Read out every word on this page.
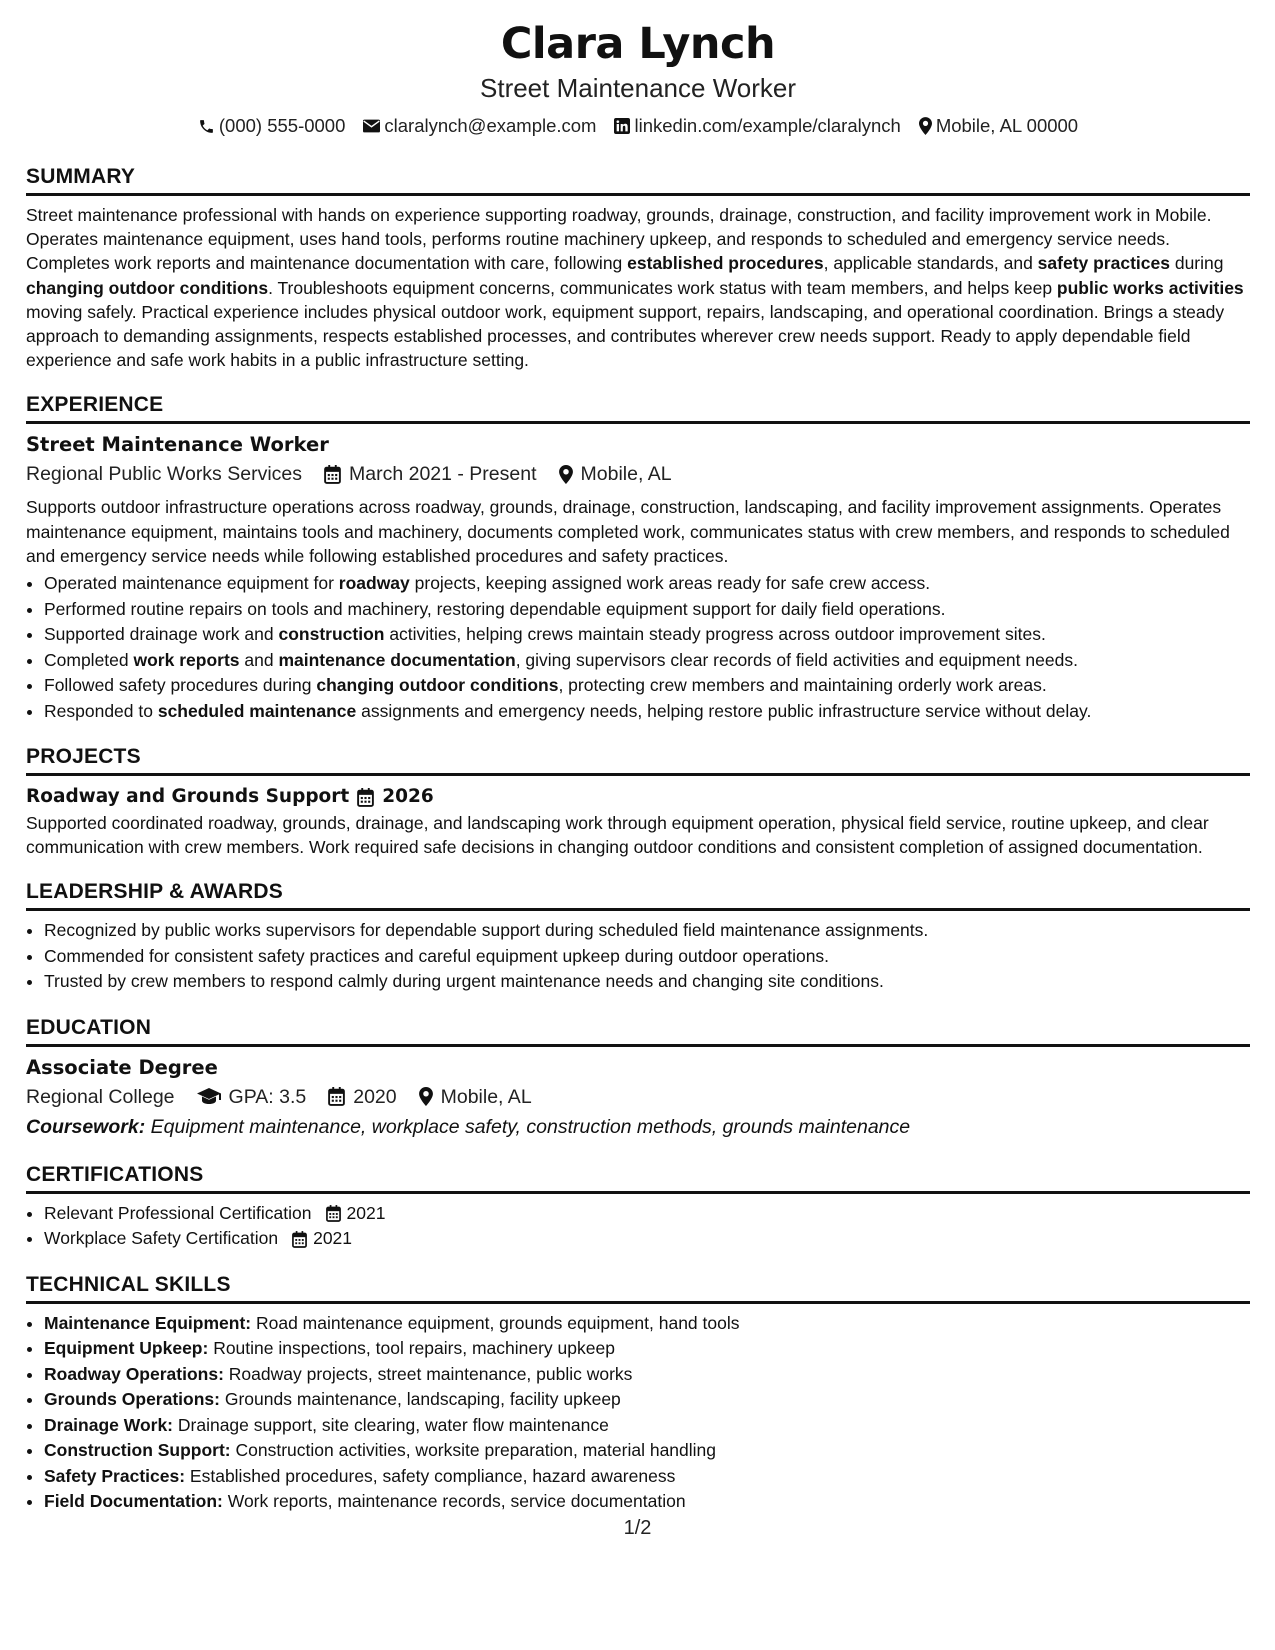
Clara Lynch
Street Maintenance Worker
(000) 555-0000 claralynch@example.com linkedin.com/example/claralynch Mobile, AL 00000
SUMMARY

Street maintenance professional with hands on experience supporting roadway, grounds, drainage, construction, and facility improvement work in Mobile. Operates maintenance equipment, uses hand tools, performs routine machinery upkeep, and responds to scheduled and emergency service needs. Completes work reports and maintenance documentation with care, following established procedures, applicable standards, and safety practices during changing outdoor conditions. Troubleshoots equipment concerns, communicates work status with team members, and helps keep public works activities moving safely. Practical experience includes physical outdoor work, equipment support, repairs, landscaping, and operational coordination. Brings a steady approach to demanding assignments, respects established processes, and contributes wherever crew needs support. Ready to apply dependable field experience and safe work habits in a public infrastructure setting.

EXPERIENCE
Street Maintenance Worker
Regional Public Works Services March 2021 - Present Mobile, AL

Supports outdoor infrastructure operations across roadway, grounds, drainage, construction, landscaping, and facility improvement assignments. Operates maintenance equipment, maintains tools and machinery, documents completed work, communicates status with crew members, and responds to scheduled and emergency service needs while following established procedures and safety practices.

• Operated maintenance equipment for roadway projects, keeping assigned work areas ready for safe crew access.
• Performed routine repairs on tools and machinery, restoring dependable equipment support for daily field operations.
• Supported drainage work and construction activities, helping crews maintain steady progress across outdoor improvement sites.
• Completed work reports and maintenance documentation, giving supervisors clear records of field activities and equipment needs.
• Followed safety procedures during changing outdoor conditions, protecting crew members and maintaining orderly work areas.
• Responded to scheduled maintenance assignments and emergency needs, helping restore public infrastructure service without delay.
PROJECTS
Roadway and Grounds Support 2026

Supported coordinated roadway, grounds, drainage, and landscaping work through equipment operation, physical field service, routine upkeep, and clear communication with crew members. Work required safe decisions in changing outdoor conditions and consistent completion of assigned documentation.

LEADERSHIP & AWARDS
• Recognized by public works supervisors for dependable support during scheduled field maintenance assignments.
• Commended for consistent safety practices and careful equipment upkeep during outdoor operations.
• Trusted by crew members to respond calmly during urgent maintenance needs and changing site conditions.
EDUCATION
Associate Degree
Regional College	GPA: 3.5 2020 Mobile, AL
Coursework: Equipment maintenance, workplace safety, construction methods, grounds maintenance
CERTIFICATIONS
• Relevant Professional Certification 2021
• Workplace Safety Certification 2021
TECHNICAL SKILLS
• Maintenance Equipment: Road maintenance equipment, grounds equipment, hand tools
• Equipment Upkeep: Routine inspections, tool repairs, machinery upkeep
• Roadway Operations: Roadway projects, street maintenance, public works
• Grounds Operations: Grounds maintenance, landscaping, facility upkeep
• Drainage Work: Drainage support, site clearing, water flow maintenance
• Construction Support: Construction activities, worksite preparation, material handling
• Safety Practices: Established procedures, safety compliance, hazard awareness
• Field Documentation: Work reports, maintenance records, service documentation
1/2
